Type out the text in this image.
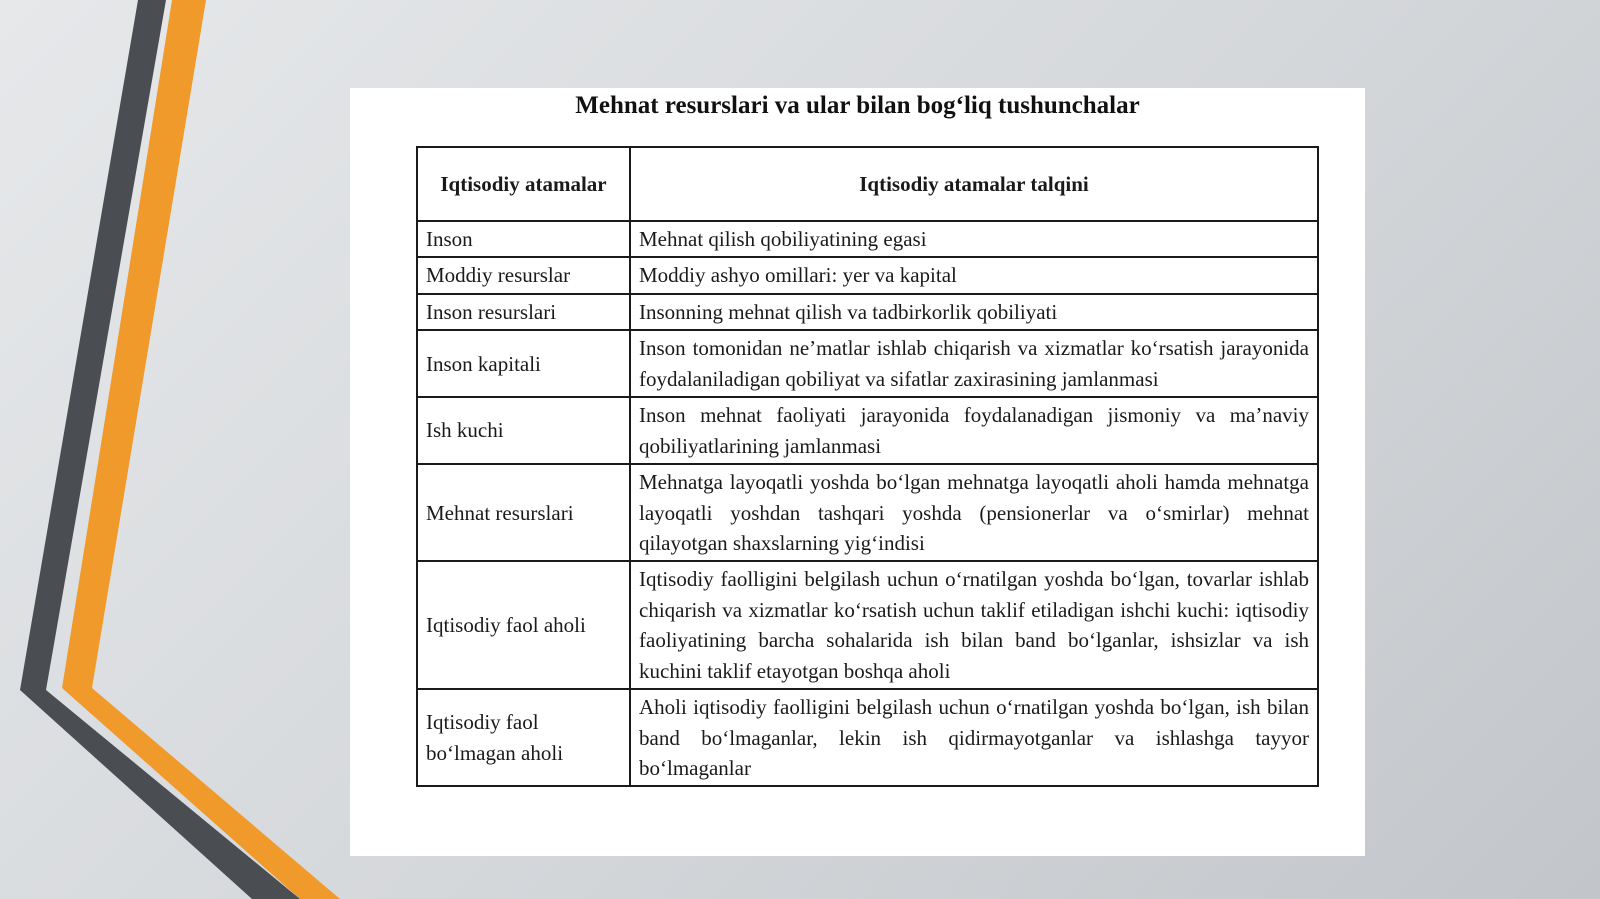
Mehnat resurslari va ular bilan bog‘liq tushunchalar
Iqtisodiy atamalar	Iqtisodiy atamalar talqini
Inson	Mehnat qilish qobiliyatining egasi
Moddiy resurslar	Moddiy ashyo omillari: yer va kapital
Inson resurslari	Insonning mehnat qilish va tadbirkorlik qobiliyati
Inson kapitali	Inson tomonidan ne’matlar ishlab chiqarish va xizmatlar ko‘rsatish jarayonida foydalaniladigan qobiliyat va sifatlar zaxirasining jamlanmasi
Ish kuchi	Inson mehnat faoliyati jarayonida foydalanadigan jismoniy va ma’naviy qobiliyatlarining jamlanmasi
Mehnat resurslari	Mehnatga layoqatli yoshda bo‘lgan mehnatga layoqatli aholi hamda mehnatga layoqatli yoshdan tashqari yoshda (pensionerlar va o‘smirlar) mehnat qilayotgan shaxslarning yig‘indisi
Iqtisodiy faol aholi	Iqtisodiy faolligini belgilash uchun o‘rnatilgan yoshda bo‘lgan, tovarlar ishlab chiqarish va xizmatlar ko‘rsatish uchun taklif etiladigan ishchi kuchi: iqtisodiy faoliyatining barcha sohalarida ish bilan band bo‘lganlar, ishsizlar va ish kuchini taklif etayotgan boshqa aholi
Iqtisodiy faol bo‘lmagan aholi	Aholi iqtisodiy faolligini belgilash uchun o‘rnatilgan yoshda bo‘lgan, ish bilan band bo‘lmaganlar, lekin ish qidirmayotganlar va ishlashga tayyor bo‘lmaganlar
